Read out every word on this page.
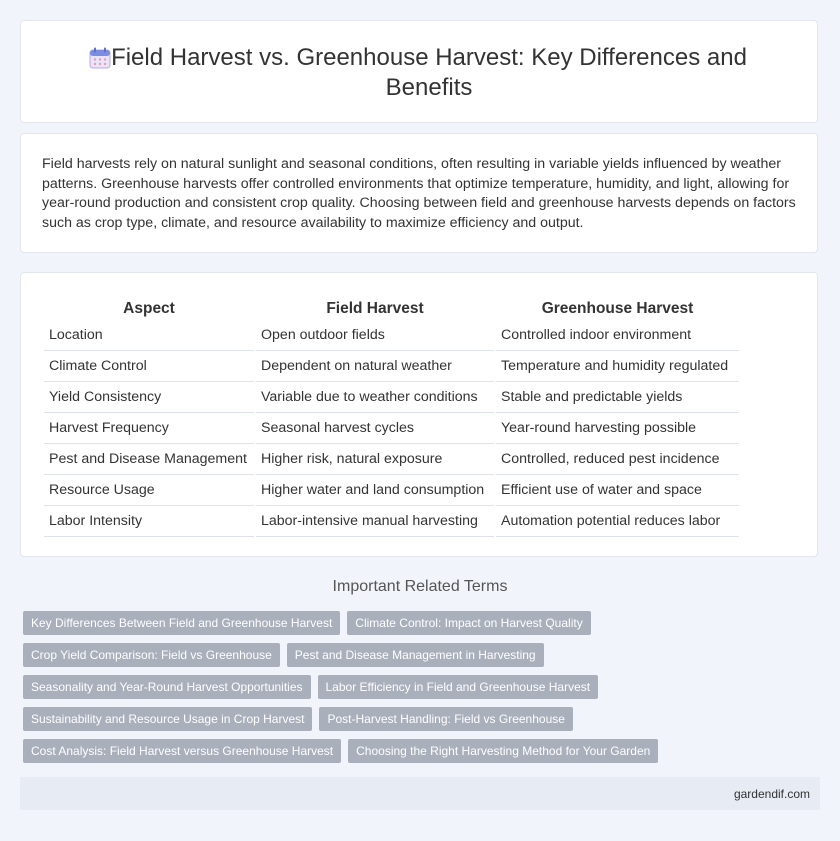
Field Harvest vs. Greenhouse Harvest: Key Differences and Benefits

Field harvests rely on natural sunlight and seasonal conditions, often resulting in variable yields influenced by weather patterns. Greenhouse harvests offer controlled environments that optimize temperature, humidity, and light, allowing for year-round production and consistent crop quality. Choosing between field and greenhouse harvests depends on factors such as crop type, climate, and resource availability to maximize efficiency and output.

Aspect	Field Harvest	Greenhouse Harvest
Location	Open outdoor fields	Controlled indoor environment
Climate Control	Dependent on natural weather	Temperature and humidity regulated
Yield Consistency	Variable due to weather conditions	Stable and predictable yields
Harvest Frequency	Seasonal harvest cycles	Year-round harvesting possible
Pest and Disease Management	Higher risk, natural exposure	Controlled, reduced pest incidence
Resource Usage	Higher water and land consumption	Efficient use of water and space
Labor Intensity	Labor-intensive manual harvesting	Automation potential reduces labor
Important Related Terms
Key Differences Between Field and Greenhouse Harvest	Climate Control: Impact on Harvest Quality
Crop Yield Comparison: Field vs Greenhouse	Pest and Disease Management in Harvesting
Seasonality and Year-Round Harvest Opportunities	Labor Efficiency in Field and Greenhouse Harvest
Sustainability and Resource Usage in Crop Harvest	Post-Harvest Handling: Field vs Greenhouse
Cost Analysis: Field Harvest versus Greenhouse Harvest	Choosing the Right Harvesting Method for Your Garden
gardendif.com
